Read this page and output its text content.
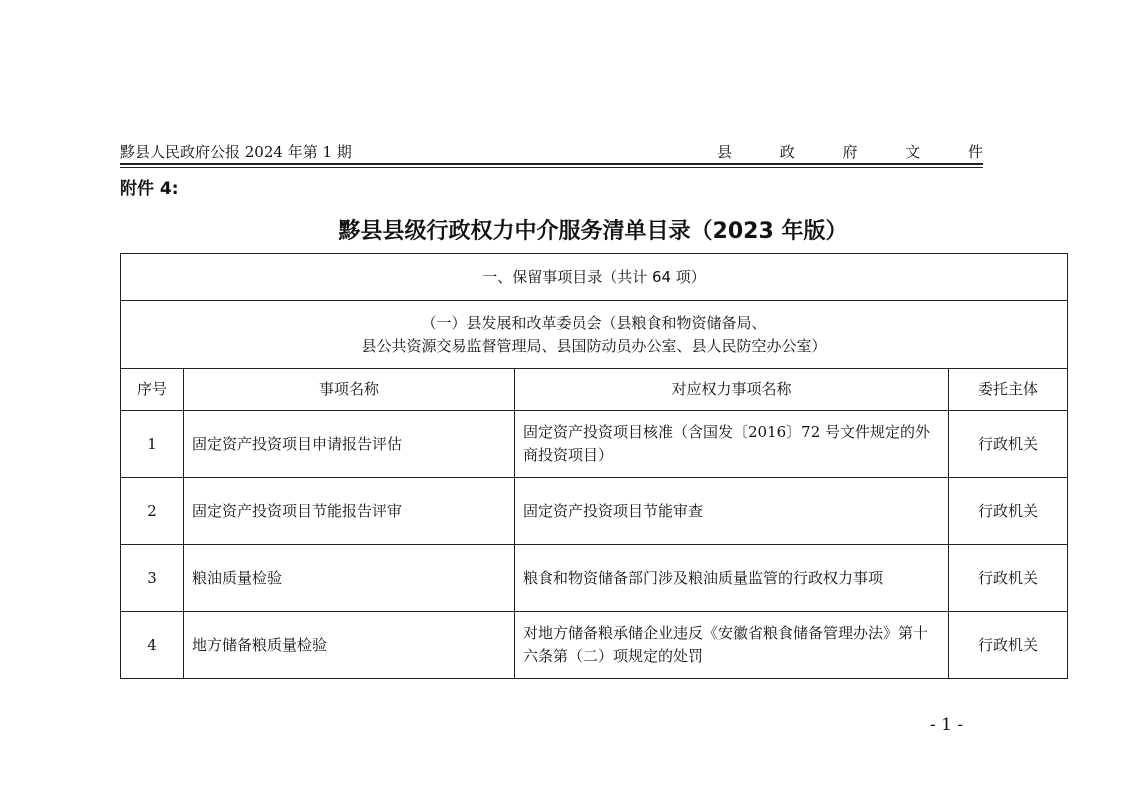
黟县人民政府公报 2024 年第 1 期	县	政	府	文	件
附件 4:
黟县县级行政权力中介服务清单目录（2023 年版）
一、保留事项目录（共计 64 项）			

（一）县发展和改革委员会（县粮食和物资储备局、
县公共资源交易监督管理局、县国防动员办公室、县人民防空办公室）			

序号	事项名称	对应权力事项名称	委托主体
1	固定资产投资项目申请报告评估	固定资产投资项目核准（含国发〔2016〕72 号文件规定的外商投资项目）	行政机关
2	固定资产投资项目节能报告评审	固定资产投资项目节能审查	行政机关
3	粮油质量检验	粮食和物资储备部门涉及粮油质量监管的行政权力事项	行政机关
4	地方储备粮质量检验	对地方储备粮承储企业违反《安徽省粮食储备管理办法》第十六条第（二）项规定的处罚	行政机关
- 1 -
